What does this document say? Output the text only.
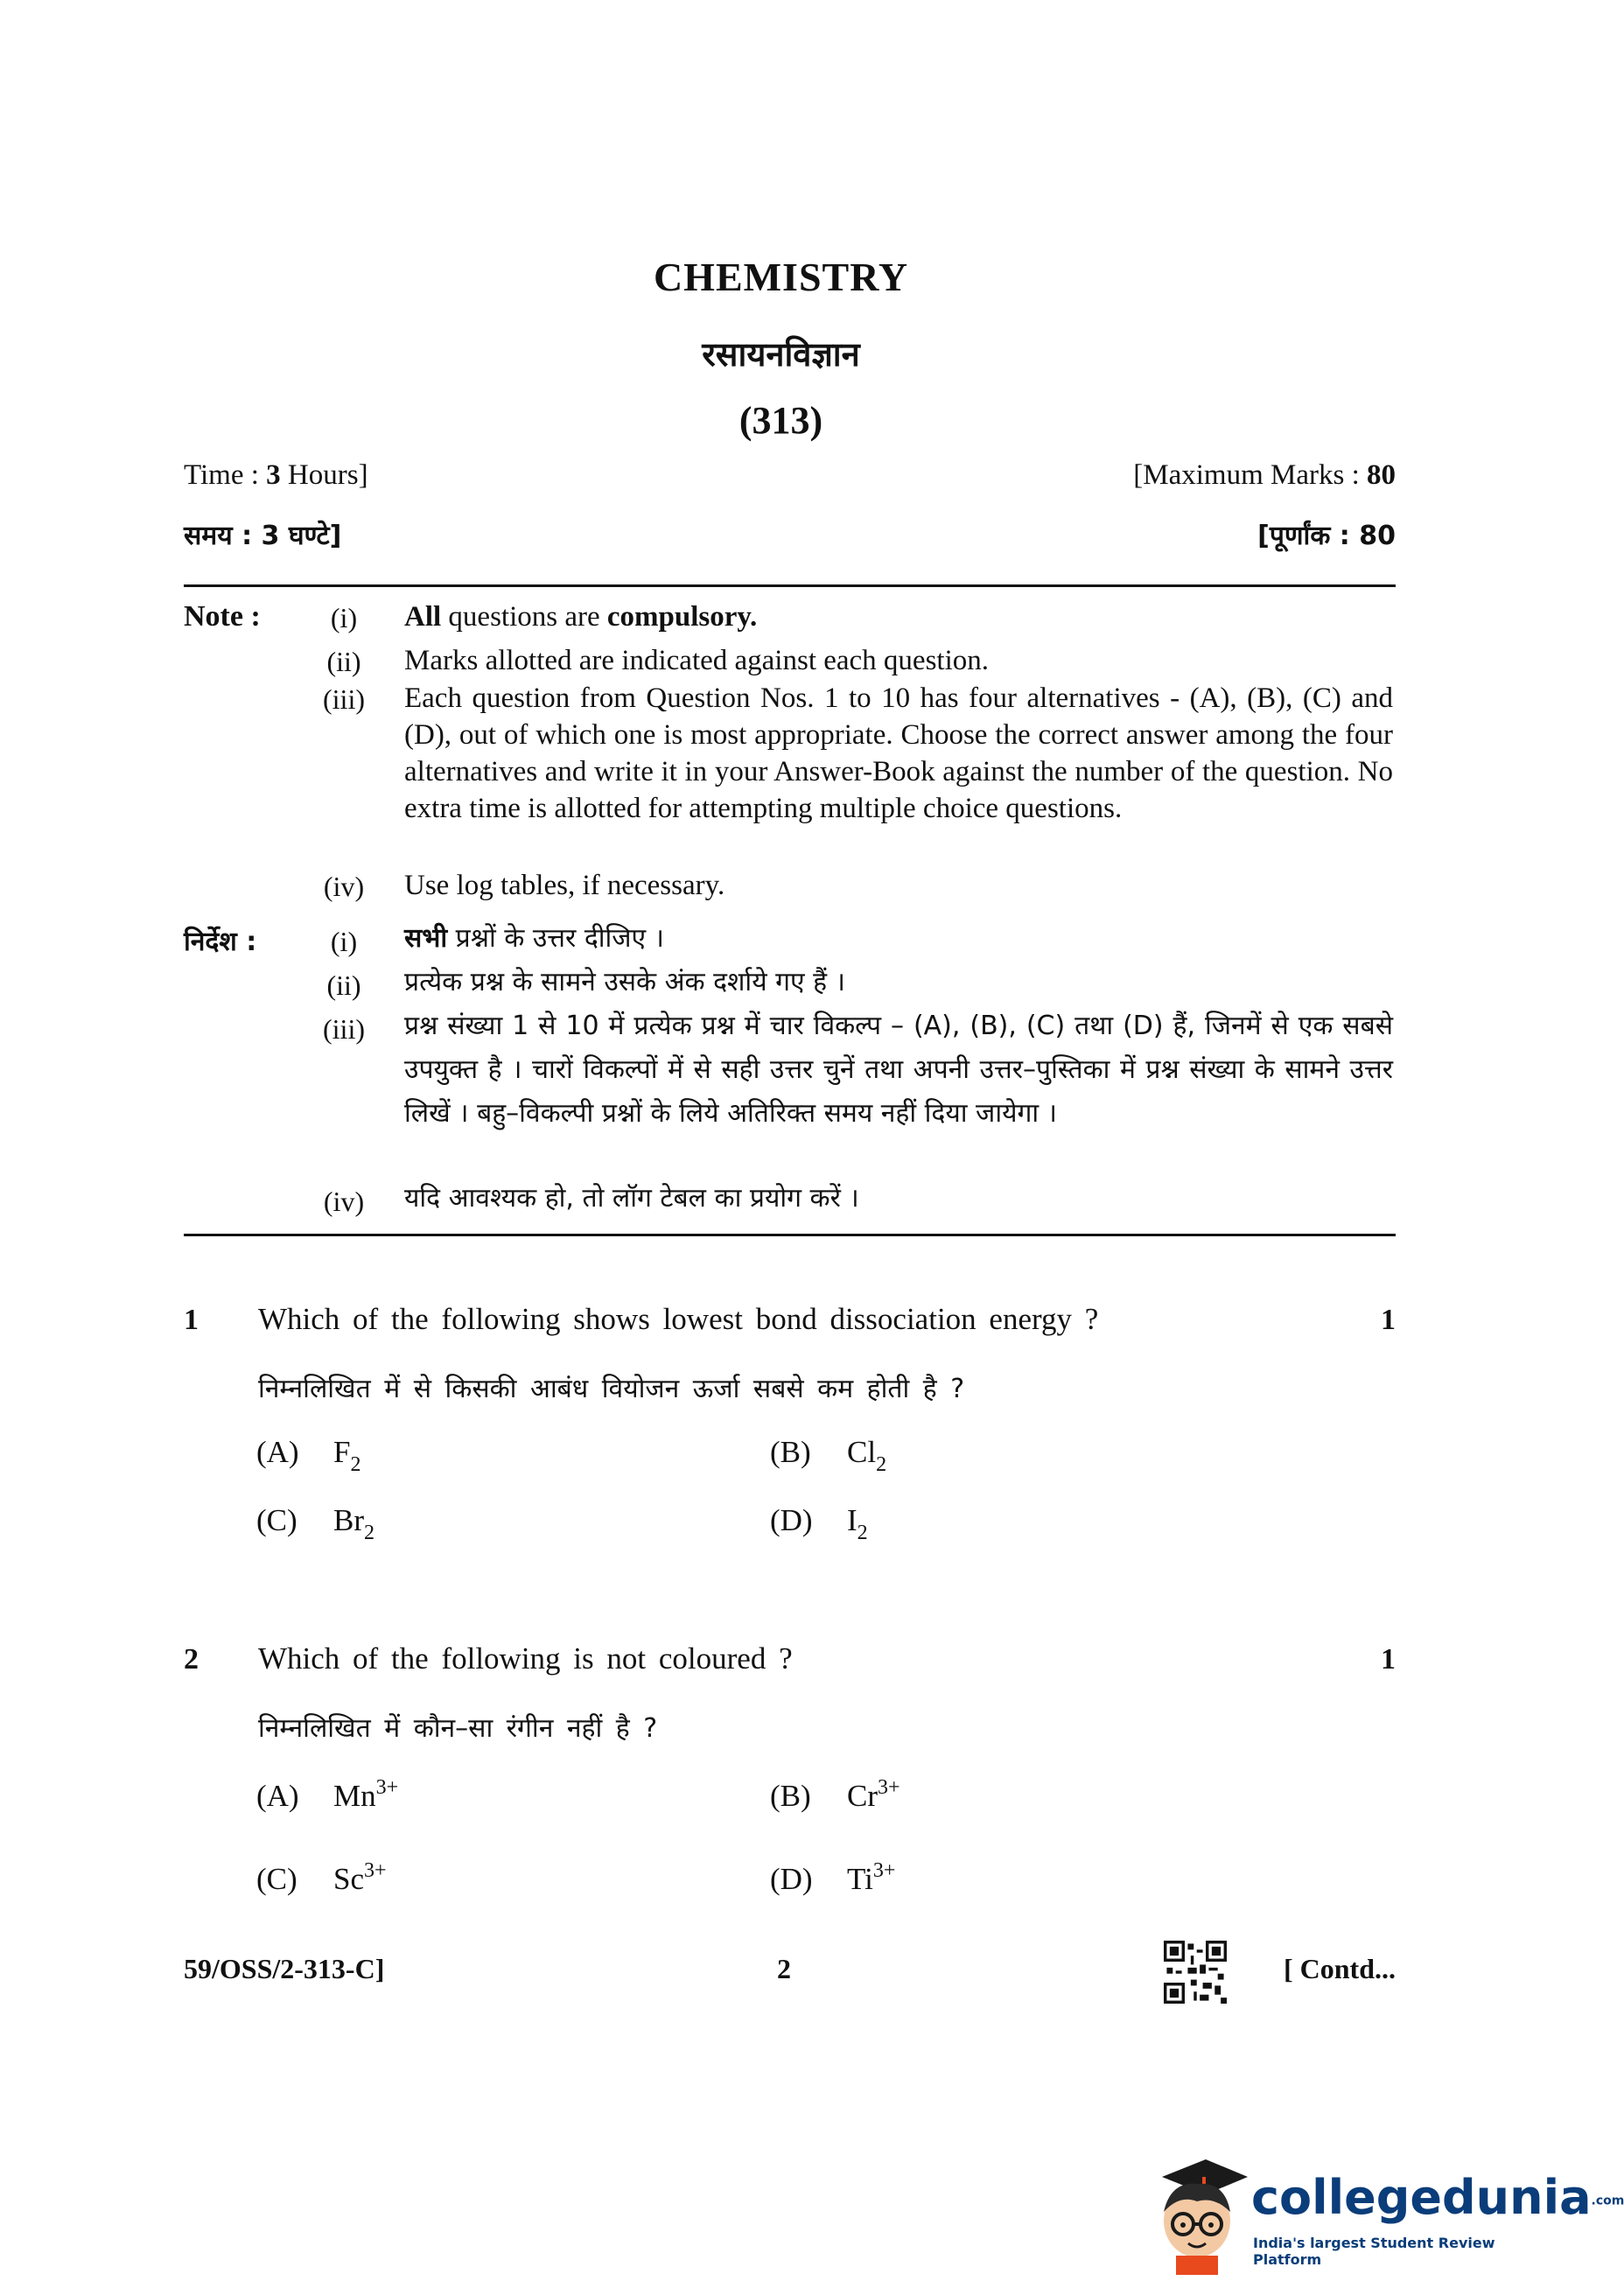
CHEMISTRY
रसायनविज्ञान
(313)
Time : 3 Hours]	[Maximum Marks : 80
समय : 3 घण्टे]	[पूर्णांक : 80
Note :	(i)	All questions are compulsory.
(ii)	Marks allotted are indicated against each question.
(iii)	Each question from Question Nos. 1 to 10 has four alternatives - (A), (B), (C) and (D), out of which one is most appropriate. Choose the correct answer among the four alternatives and write it in your Answer-Book against the number of the question. No extra time is allotted for attempting multiple choice questions.
(iv)	Use log tables, if necessary.
निर्देश :	(i)	सभी प्रश्नों के उत्तर दीजिए ।
(ii)	प्रत्येक प्रश्न के सामने उसके अंक दर्शाये गए हैं ।
(iii)	प्रश्न संख्या 1 से 10 में प्रत्येक प्रश्न में चार विकल्प – (A), (B), (C) तथा (D) हैं, जिनमें से एक सबसे उपयुक्त है । चारों विकल्पों में से सही उत्तर चुनें तथा अपनी उत्तर–पुस्तिका में प्रश्न संख्या के सामने उत्तर लिखें । बहु–विकल्पी प्रश्नों के लिये अतिरिक्त समय नहीं दिया जायेगा ।
(iv)	यदि आवश्यक हो, तो लॉग टेबल का प्रयोग करें ।
1 Which of the following shows lowest bond dissociation energy ?	1
निम्नलिखित में से किसकी आबंध वियोजन ऊर्जा सबसे कम होती है ?
(A) $F_2$	(B) $Cl_2$
(C) $Br_2$	(D) $I_2$
2 Which of the following is not coloured ?	1
निम्नलिखित में कौन–सा रंगीन नहीं है ?
(A) $Mn^{3+}$	(B) $Cr^{3+}$
(C) $Sc^{3+}$	(D) $Ti^{3+}$
59/OSS/2-313-C]	2	[ Contd...
collegedunia.com
India's largest Student Review Platform
